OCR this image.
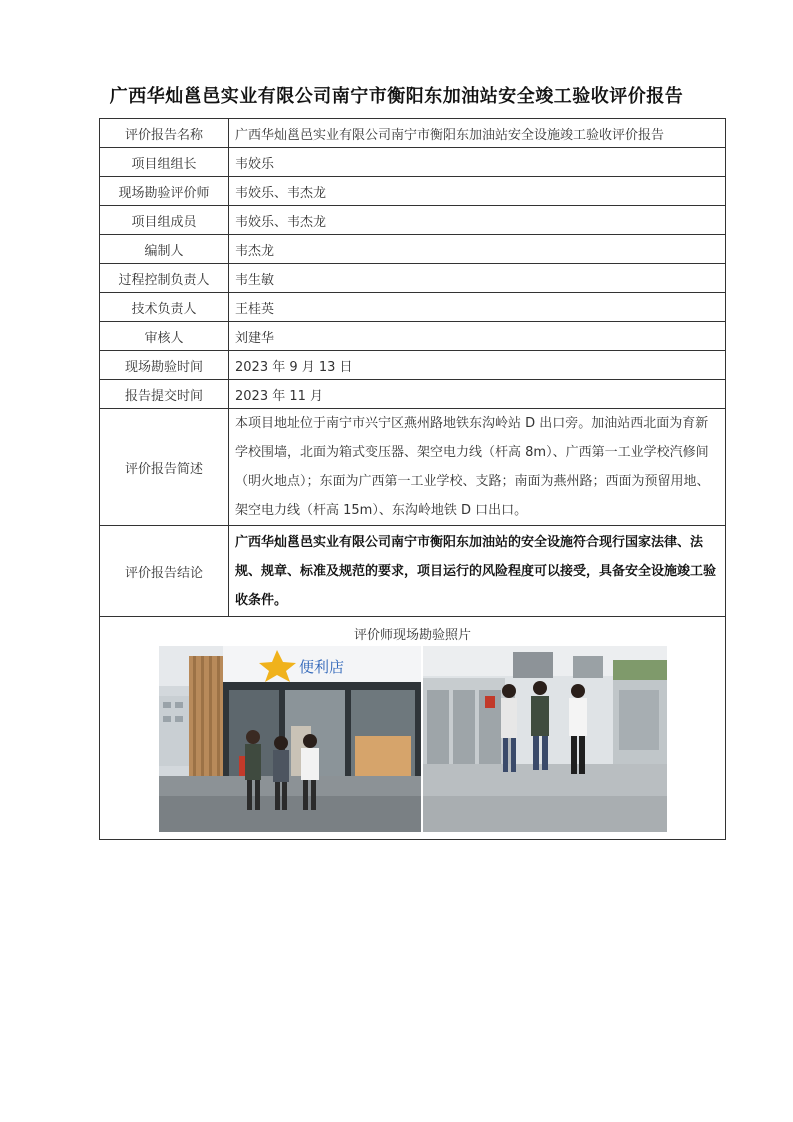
广西华灿邕邑实业有限公司南宁市衡阳东加油站安全竣工验收评价报告
评价报告名称	广西华灿邕邑实业有限公司南宁市衡阳东加油站安全设施竣工验收评价报告
项目组组长	韦姣乐
现场勘验评价师	韦姣乐、韦杰龙
项目组成员	韦姣乐、韦杰龙
编制人	韦杰龙
过程控制负责人	韦生敏
技术负责人	王桂英
审核人	刘建华
现场勘验时间	2023 年 9 月 13 日
报告提交时间	2023 年 11 月
评价报告简述	本项目地址位于南宁市兴宁区燕州路地铁东沟岭站 D 出口旁。加油站西北面为育新学校围墙，北面为箱式变压器、架空电力线（杆高 8m）、广西第一工业学校汽修间（明火地点）；东面为广西第一工业学校、支路；南面为燕州路；西面为预留用地、架空电力线（杆高 15m）、东沟岭地铁 D 口出口。
评价报告结论	广西华灿邕邑实业有限公司南宁市衡阳东加油站的安全设施符合现行国家法律、法规、规章、标准及规范的要求，项目运行的风险程度可以接受，具备安全设施竣工验收条件。

评价师现场勘验照片
便利店	
